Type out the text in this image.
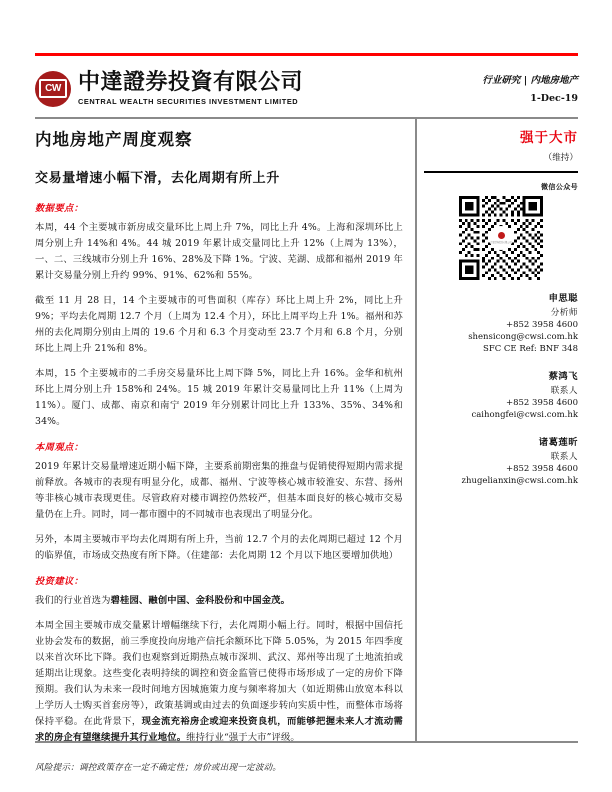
CW 中達證券投資有限公司
CENTRAL WEALTH SECURITIES INVESTMENT LIMITED
行业研究 | 内地房地产
1-Dec-19
内地房地产周度观察
交易量增速小幅下滑，去化周期有所上升
数据要点：

本周，44 个主要城市新房成交量环比上周上升 7%，同比上升 4%。上海和深圳环比上周分别上升 14%和 4%。44 城 2019 年累计成交量同比上升 12%（上周为 13%），一、二、三线城市分别上升 16%、28%及下降 1%。宁波、芜湖、成都和福州 2019 年累计交易量分别上升约 99%、91%、62%和 55%。

截至 11 月 28 日，14 个主要城市的可售面积（库存）环比上周上升 2%，同比上升 9%；平均去化周期 12.7 个月（上周为 12.4 个月），环比上周平均上升 1%。福州和苏州的去化周期分别由上周的 19.6 个月和 6.3 个月变动至 23.7 个月和 6.8 个月，分别环比上周上升 21%和 8%。

本周，15 个主要城市的二手房交易量环比上周下降 5%，同比上升 16%。金华和杭州环比上周分别上升 158%和 24%。15 城 2019 年累计交易量同比上升 11%（上周为 11%）。厦门、成都、南京和南宁 2019 年分别累计同比上升 133%、35%、34%和 34%。

本周观点：

2019 年累计交易量增速近期小幅下降，主要系前期密集的推盘与促销使得短期内需求提前释放。各城市的表现有明显分化，成都、福州、宁波等核心城市较淮安、东营、扬州等非核心城市表现更佳。尽管政府对楼市调控仍然较严，但基本面良好的核心城市交易量仍在上升。同时，同一都市圈中的不同城市也表现出了明显分化。

另外，本周主要城市平均去化周期有所上升，当前 12.7 个月的去化周期已超过 12 个月的临界值，市场成交热度有所下降。（住建部：去化周期 12 个月以下地区要增加供地）

投资建议：

我们的行业首选为碧桂园、融创中国、金科股份和中国金茂。

本周全国主要城市成交量累计增幅继续下行，去化周期小幅上行。同时，根据中国信托业协会发布的数据，前三季度投向房地产信托余额环比下降 5.05%，为 2015 年四季度以来首次环比下降。我们也观察到近期热点城市深圳、武汉、郑州等出现了土地流拍或延期出让现象。这些变化表明持续的调控和资金监管已使得市场形成了一定的房价下降预期。我们认为未来一段时间地方因城施策力度与频率将加大（如近期佛山放宽本科以上学历人士购买首套房等），政策基调或由过去的负面逐步转向实质中性，而整体市场将保持平稳。在此背景下，现金流充裕房企或迎来投资良机，而能够把握未来人才流动需求的房企有望继续提升其行业地位。维持行业“强于大市”评级。

风险提示：调控政策存在一定不确定性；房价或出现一定波动。

强于大市
（维持）
微信公众号
中達證券投資有限公司
申思聪
分析师
+852 3958 4600
shensicong@cwsi.com.hk
SFC CE Ref: BNF 348
蔡鸿飞
联系人
+852 3958 4600
caihongfei@cwsi.com.hk
诸葛莲昕
联系人
+852 3958 4600
zhugelianxin@cwsi.com.hk
